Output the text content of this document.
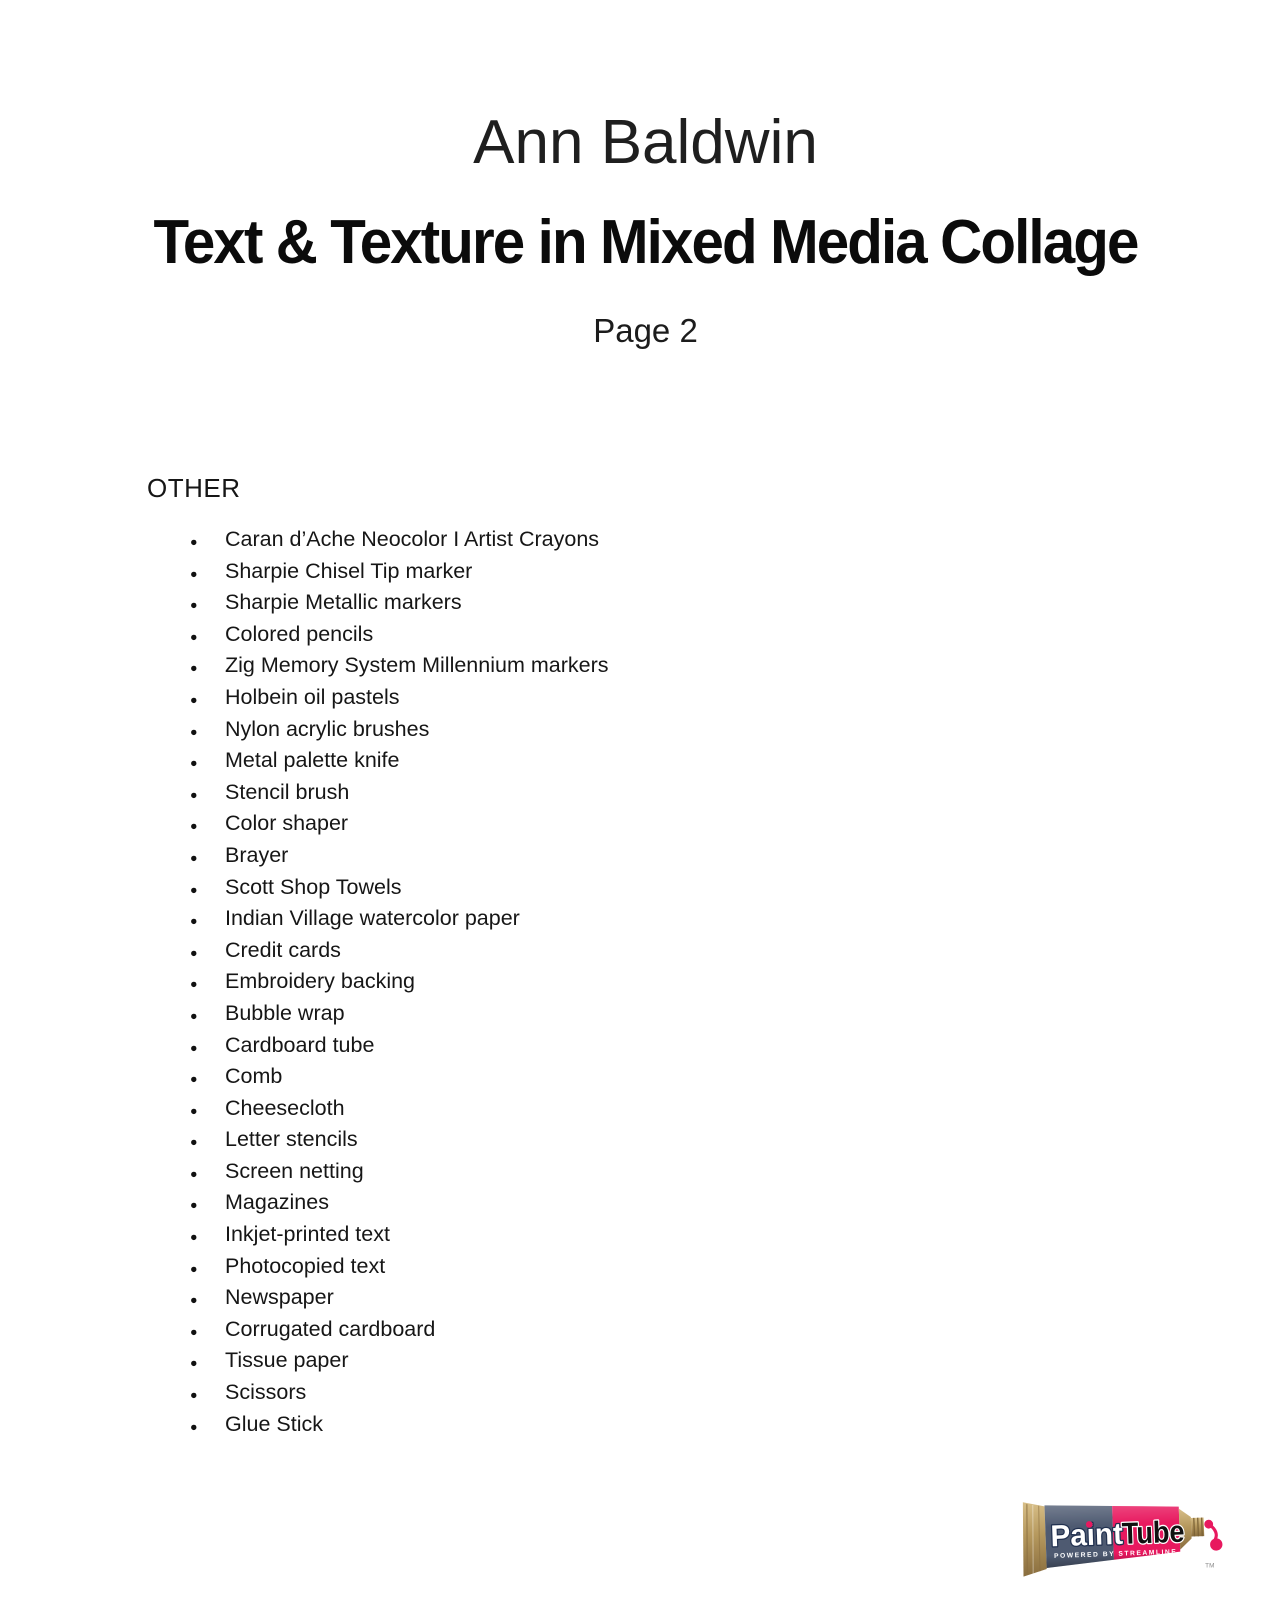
Ann Baldwin
Text & Texture in Mixed Media Collage
Page 2
OTHER
●	Caran d’Ache Neocolor I Artist Crayons
●	Sharpie Chisel Tip marker
●	Sharpie Metallic markers
●	Colored pencils
●	Zig Memory System Millennium markers
●	Holbein oil pastels
●	Nylon acrylic brushes
●	Metal palette knife
●	Stencil brush
●	Color shaper
●	Brayer
●	Scott Shop Towels
●	Indian Village watercolor paper
●	Credit cards
●	Embroidery backing
●	Bubble wrap
●	Cardboard tube
●	Comb
●	Cheesecloth
●	Letter stencils
●	Screen netting
●	Magazines
●	Inkjet-printed text
●	Photocopied text
●	Newspaper
●	Corrugated cardboard
●	Tissue paper
●	Scissors
●	Glue Stick
Paint
Tube
POWERED BY STREAMLINE
TM
